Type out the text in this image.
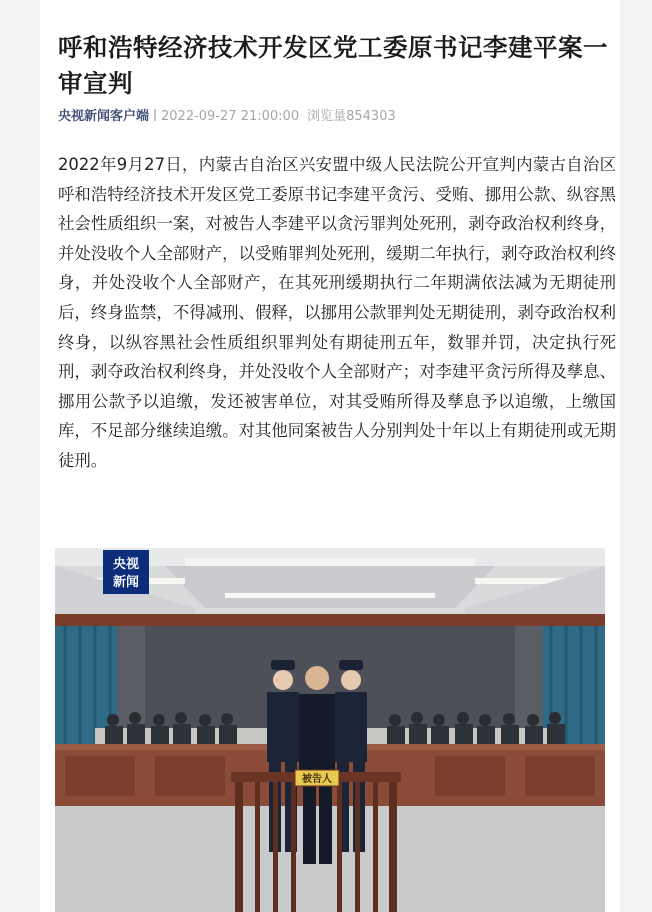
呼和浩特经济技术开发区党工委原书记李建平案一审宣判
央视新闻客户端 2022-09-27 21:00:00 浏览量854303
2022年9月27日，内蒙古自治区兴安盟中级人民法院公开宣判内蒙古自治区呼和浩特经济技术开发区党工委原书记李建平贪污、受贿、挪用公款、纵容黑社会性质组织一案，对被告人李建平以贪污罪判处死刑，剥夺政治权利终身，并处没收个人全部财产，以受贿罪判处死刑，缓期二年执行，剥夺政治权利终身，并处没收个人全部财产，在其死刑缓期执行二年期满依法减为无期徒刑后，终身监禁，不得减刑、假释，以挪用公款罪判处无期徒刑，剥夺政治权利终身，以纵容黑社会性质组织罪判处有期徒刑五年，数罪并罚，决定执行死刑，剥夺政治权利终身，并处没收个人全部财产；对李建平贪污所得及孳息、挪用公款予以追缴，发还被害单位，对其受贿所得及孳息予以追缴，上缴国库，不足部分继续追缴。对其他同案被告人分别判处十年以上有期徒刑或无期徒刑。
被告人
央视
新闻
